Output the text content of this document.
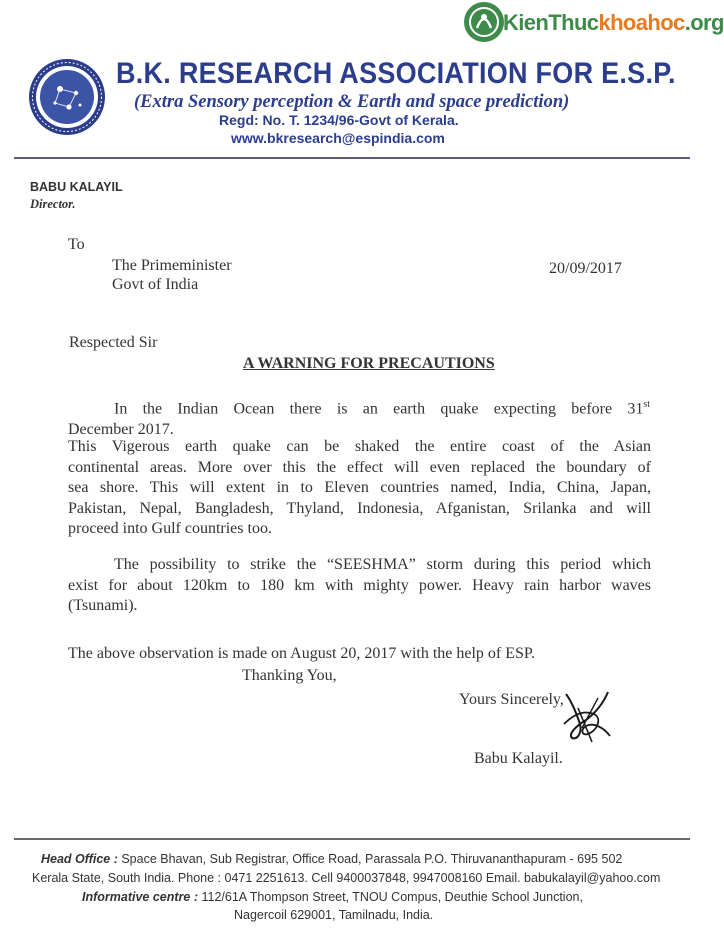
KienThuckhoahoc.org
B.K. RESEARCH ASSOCIATION FOR E.S.P.
(Extra Sensory perception & Earth and space prediction)
Regd: No. T. 1234/96-Govt of Kerala.
www.bkresearch@espindia.com
BABU KALAYIL
Director.
To
The Primeminister
Govt of India
20/09/2017
Respected Sir
A WARNING FOR PRECAUTIONS
In the Indian Ocean there is an earth quake expecting before 31st
December 2017.
This Vigerous earth quake can be shaked the entire coast of the Asian
continental areas. More over this the effect will even replaced the boundary of
sea shore. This will extent in to Eleven countries named, India, China, Japan,
Pakistan, Nepal, Bangladesh, Thyland, Indonesia, Afganistan, Srilanka and will
proceed into Gulf countries too.
The possibility to strike the “SEESHMA” storm during this period which
exist for about 120km to 180 km with mighty power. Heavy rain harbor waves
(Tsunami).
The above observation is made on August 20, 2017 with the help of ESP.
Thanking You,
Yours Sincerely,
Babu Kalayil.
Head Office : Space Bhavan, Sub Registrar, Office Road, Parassala P.O. Thiruvananthapuram - 695 502
Kerala State, South India. Phone : 0471 2251613. Cell 9400037848, 9947008160 Email. babukalayil@yahoo.com
Informative centre : 112/61A Thompson Street, TNOU Compus, Deuthie School Junction,
Nagercoil 629001, Tamilnadu, India.
